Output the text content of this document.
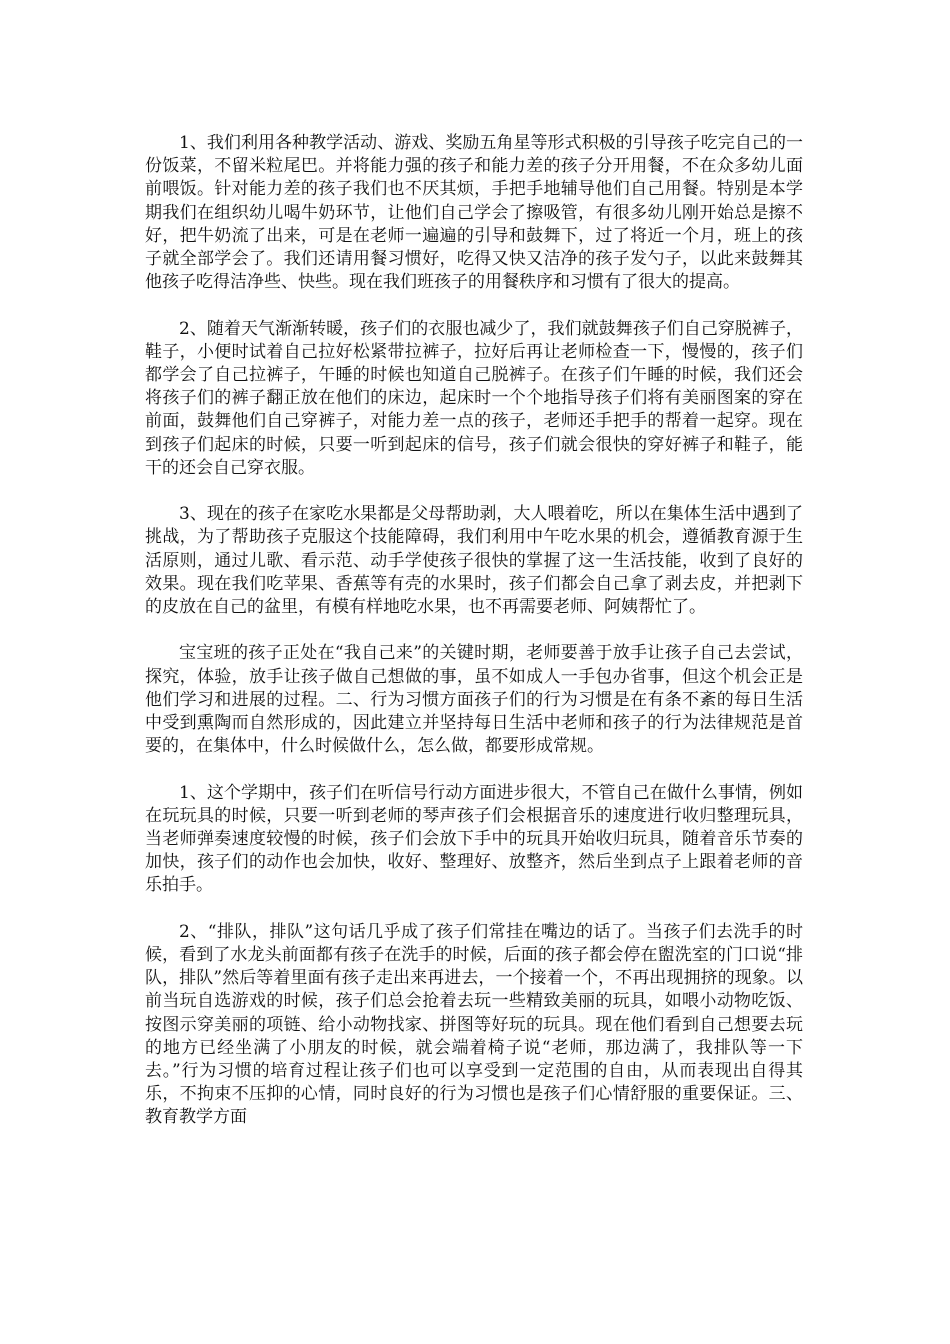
1、我们利用各种教学活动、游戏、奖励五角星等形式积极的引导孩子吃完自己的一份饭菜，不留米粒尾巴。并将能力强的孩子和能力差的孩子分开用餐，不在众多幼儿面前喂饭。针对能力差的孩子我们也不厌其烦，手把手地辅导他们自己用餐。特别是本学期我们在组织幼儿喝牛奶环节，让他们自己学会了擦吸管，有很多幼儿刚开始总是擦不好，把牛奶流了出来，可是在老师一遍遍的引导和鼓舞下，过了将近一个月，班上的孩子就全部学会了。我们还请用餐习惯好，吃得又快又洁净的孩子发勺子，以此来鼓舞其他孩子吃得洁净些、快些。现在我们班孩子的用餐秩序和习惯有了很大的提高。

2、随着天气渐渐转暖，孩子们的衣服也减少了，我们就鼓舞孩子们自己穿脱裤子，鞋子，小便时试着自己拉好松紧带拉裤子，拉好后再让老师检查一下，慢慢的，孩子们都学会了自己拉裤子，午睡的时候也知道自己脱裤子。在孩子们午睡的时候，我们还会将孩子们的裤子翻正放在他们的床边，起床时一个个地指导孩子们将有美丽图案的穿在前面，鼓舞他们自己穿裤子，对能力差一点的孩子，老师还手把手的帮着一起穿。现在到孩子们起床的时候，只要一听到起床的信号，孩子们就会很快的穿好裤子和鞋子，能干的还会自己穿衣服。

3、现在的孩子在家吃水果都是父母帮助剥，大人喂着吃，所以在集体生活中遇到了挑战，为了帮助孩子克服这个技能障碍，我们利用中午吃水果的机会，遵循教育源于生活原则，通过儿歌、看示范、动手学使孩子很快的掌握了这一生活技能，收到了良好的效果。现在我们吃苹果、香蕉等有壳的水果时，孩子们都会自己拿了剥去皮，并把剥下的皮放在自己的盆里，有模有样地吃水果，也不再需要老师、阿姨帮忙了。

宝宝班的孩子正处在“我自己来”的关键时期，老师要善于放手让孩子自己去尝试，探究，体验，放手让孩子做自己想做的事，虽不如成人一手包办省事，但这个机会正是他们学习和进展的过程。二、行为习惯方面孩子们的行为习惯是在有条不紊的每日生活中受到熏陶而自然形成的，因此建立并坚持每日生活中老师和孩子的行为法律规范是首要的，在集体中，什么时候做什么，怎么做，都要形成常规。

1、这个学期中，孩子们在听信号行动方面进步很大，不管自己在做什么事情，例如在玩玩具的时候，只要一听到老师的琴声孩子们会根据音乐的速度进行收归整理玩具，当老师弹奏速度较慢的时候，孩子们会放下手中的玩具开始收归玩具，随着音乐节奏的加快，孩子们的动作也会加快，收好、整理好、放整齐，然后坐到点子上跟着老师的音乐拍手。

2、“排队，排队”这句话几乎成了孩子们常挂在嘴边的话了。当孩子们去洗手的时候，看到了水龙头前面都有孩子在洗手的时候，后面的孩子都会停在盥洗室的门口说“排队，排队”然后等着里面有孩子走出来再进去，一个接着一个，不再出现拥挤的现象。以前当玩自选游戏的时候，孩子们总会抢着去玩一些精致美丽的玩具，如喂小动物吃饭、按图示穿美丽的项链、给小动物找家、拼图等好玩的玩具。现在他们看到自己想要去玩的地方已经坐满了小朋友的时候，就会端着椅子说“老师，那边满了，我排队等一下去。”行为习惯的培育过程让孩子们也可以享受到一定范围的自由，从而表现出自得其乐，不拘束不压抑的心情，同时良好的行为习惯也是孩子们心情舒服的重要保证。三、教育教学方面
